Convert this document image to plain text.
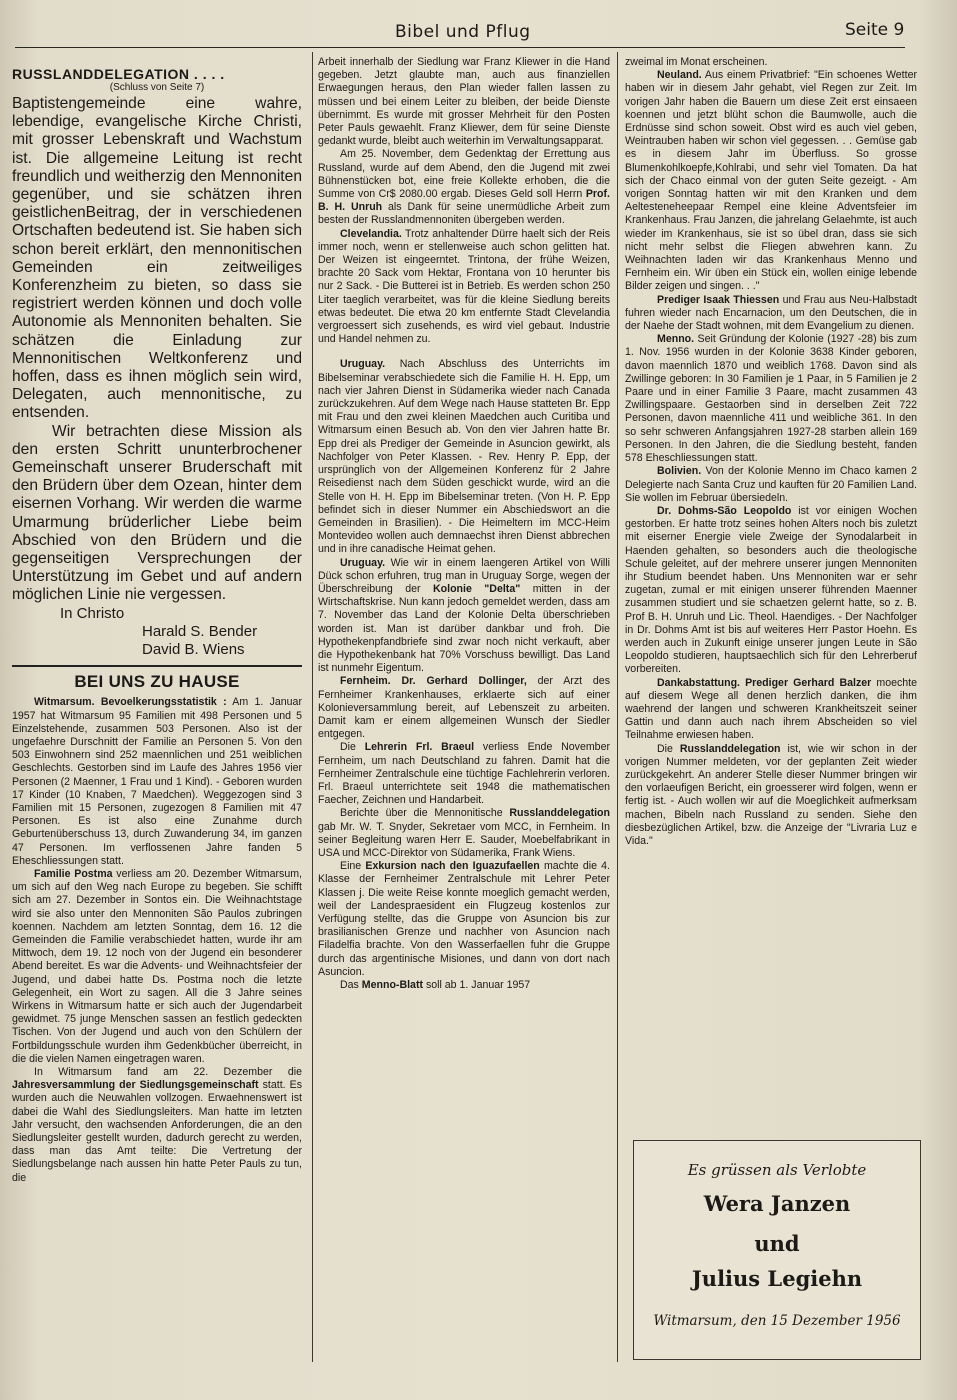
Bibel und Pflug	Seite 9
RUSSLANDDELEGATION . . . .
(Schluss von Seite 7)

Baptistengemeinde eine wahre, lebendige, evangelische Kirche Christi, mit grosser Lebenskraft und Wachstum ist. Die allgemeine Leitung ist recht freundlich und weitherzig den Mennoniten gegenüber, und sie schätzen ihren geistlichenBeitrag, der in verschiedenen Ortschaften bedeutend ist. Sie haben sich schon bereit erklärt, den mennonitischen Gemeinden ein zeitweiliges Konferenzheim zu bieten, so dass sie registriert werden können und doch volle Autonomie als Mennoniten behalten. Sie schätzen die Einladung zur Mennonitischen Weltkonferenz und hoffen, dass es ihnen möglich sein wird, Delegaten, auch mennonitische, zu entsenden.

Wir betrachten diese Mission als den ersten Schritt ununterbrochener Gemeinschaft unserer Bruderschaft mit den Brüdern über dem Ozean, hinter dem eisernen Vorhang. Wir werden die warme Umarmung brüderlicher Liebe beim Abschied von den Brüdern und die gegenseitigen Versprechungen der Unterstützung im Gebet und auf andern möglichen Linie nie vergessen.

In Christo

Harald S. Bender

David B. Wiens

BEI UNS ZU HAUSE

Witmarsum. Bevoelkerungsstatistik : Am 1. Januar 1957 hat Witmarsum 95 Familien mit 498 Personen und 5 Einzelstehende, zusammen 503 Personen. Also ist der ungefaehre Durschnitt der Familie an Personen 5. Von den 503 Einwohnern sind 252 maennlichen und 251 weiblichen Geschlechts. Gestorben sind im Laufe des Jahres 1956 vier Personen (2 Maenner, 1 Frau und 1 Kind). - Geboren wurden 17 Kinder (10 Knaben, 7 Maedchen). Weggezogen sind 3 Familien mit 15 Personen, zugezogen 8 Familien mit 47 Personen. Es ist also eine Zunahme durch Geburtenüberschuss 13, durch Zuwanderung 34, im ganzen 47 Personen. Im verflossenen Jahre fanden 5 Eheschliessungen statt.

Familie Postma verliess am 20. Dezember Witmarsum, um sich auf den Weg nach Europe zu begeben. Sie schifft sich am 27. Dezember in Sontos ein. Die Weihnachtstage wird sie also unter den Mennoniten São Paulos zubringen koennen. Nachdem am letzten Sonntag, dem 16. 12 die Gemeinden die Familie verabschiedet hatten, wurde ihr am Mittwoch, dem 19. 12 noch von der Jugend ein besonderer Abend bereitet. Es war die Advents- und Weihnachtsfeier der Jugend, und dabei hatte Ds. Postma noch die letzte Gelegenheit, ein Wort zu sagen. All die 3 Jahre seines Wirkens in Witmarsum hatte er sich auch der Jugendarbeit gewidmet. 75 junge Menschen sassen an festlich gedeckten Tischen. Von der Jugend und auch von den Schülern der Fortbildungsschule wurden ihm Gedenkbücher überreicht, in die die vielen Namen eingetragen waren.

In Witmarsum fand am 22. Dezember die Jahresversammlung der Siedlungsgemeinschaft statt. Es wurden auch die Neuwahlen vollzogen. Erwaehnenswert ist dabei die Wahl des Siedlungsleiters. Man hatte im letzten Jahr versucht, den wachsenden Anforderungen, die an den Siedlungsleiter gestellt wurden, dadurch gerecht zu werden, dass man das Amt teilte: Die Vertretung der Siedlungsbelange nach aussen hin hatte Peter Pauls zu tun, die

Arbeit innerhalb der Siedlung war Franz Kliewer in die Hand gegeben. Jetzt glaubte man, auch aus finanziellen Erwaegungen heraus, den Plan wieder fallen lassen zu müssen und bei einem Leiter zu bleiben, der beide Dienste übernimmt. Es wurde mit grosser Mehrheit für den Posten Peter Pauls gewaehlt. Franz Kliewer, dem für seine Dienste gedankt wurde, bleibt auch weiterhin im Verwaltungsapparat.

Am 25. November, dem Gedenktag der Errettung aus Russland, wurde auf dem Abend, den die Jugend mit zwei Bühnenstücken bot, eine freie Kollekte erhoben, die die Summe von Cr$ 2080.00 ergab. Dieses Geld soll Herrn Prof. B. H. Unruh als Dank für seine unermüdliche Arbeit zum besten der Russlandmennoniten übergeben werden.

Clevelandia. Trotz anhaltender Dürre haelt sich der Reis immer noch, wenn er stellenweise auch schon gelitten hat. Der Weizen ist eingeerntet. Trintona, der frühe Weizen, brachte 20 Sack vom Hektar, Frontana von 10 herunter bis nur 2 Sack. - Die Butterei ist in Betrieb. Es werden schon 250 Liter taeglich verarbeitet, was für die kleine Siedlung bereits etwas bedeutet. Die etwa 20 km entfernte Stadt Clevelandia vergroessert sich zusehends, es wird viel gebaut. Industrie und Handel nehmen zu.

Uruguay. Nach Abschluss des Unterrichts im Bibelseminar verabschiedete sich die Familie H. H. Epp, um nach vier Jahren Dienst in Südamerika wieder nach Canada zurückzukehren. Auf dem Wege nach Hause statteten Br. Epp mit Frau und den zwei kleinen Maedchen auch Curitiba und Witmarsum einen Besuch ab. Von den vier Jahren hatte Br. Epp drei als Prediger der Gemeinde in Asuncion gewirkt, als Nachfolger von Peter Klassen. - Rev. Henry P. Epp, der ursprünglich von der Allgemeinen Konferenz für 2 Jahre Reisedienst nach dem Süden geschickt wurde, wird an die Stelle von H. H. Epp im Bibelseminar treten. (Von H. P. Epp befindet sich in dieser Nummer ein Abschiedswort an die Gemeinden in Brasilien). - Die Heimeltern im MCC-Heim Montevideo wollen auch demnaechst ihren Dienst abbrechen und in ihre canadische Heimat gehen.

Uruguay. Wie wir in einem laengeren Artikel von Willi Dück schon erfuhren, trug man in Uruguay Sorge, wegen der Überschreibung der Kolonie "Delta" mitten in der Wirtschaftskrise. Nun kann jedoch gemeldet werden, dass am 7. November das Land der Kolonie Delta überschrieben worden ist. Man ist darüber dankbar und froh. Die Hypothekenpfandbriefe sind zwar noch nicht verkauft, aber die Hypothekenbank hat 70% Vorschuss bewilligt. Das Land ist nunmehr Eigentum.

Fernheim. Dr. Gerhard Dollinger, der Arzt des Fernheimer Krankenhauses, erklaerte sich auf einer Kolonieversammlung bereit, auf Lebenszeit zu arbeiten. Damit kam er einem allgemeinen Wunsch der Siedler entgegen.

Die Lehrerin Frl. Braeul verliess Ende November Fernheim, um nach Deutschland zu fahren. Damit hat die Fernheimer Zentralschule eine tüchtige Fachlehrerin verloren. Frl. Braeul unterrichtete seit 1948 die mathematischen Faecher, Zeichnen und Handarbeit.

Berichte über die Mennonitische Russlanddelegation gab Mr. W. T. Snyder, Sekretaer vom MCC, in Fernheim. In seiner Begleitung waren Herr E. Sauder, Moebelfabrikant in USA und MCC-Direktor von Südamerika, Frank Wiens.

Eine Exkursion nach den Iguazufaellen machte die 4. Klasse der Fernheimer Zentralschule mit Lehrer Peter Klassen j. Die weite Reise konnte moeglich gemacht werden, weil der Landespraesident ein Flugzeug kostenlos zur Verfügung stellte, das die Gruppe von Asuncion bis zur brasilianischen Grenze und nachher von Asuncion nach Filadelfia brachte. Von den Wasserfaellen fuhr die Gruppe durch das argentinische Misiones, und dann von dort nach Asuncion.

Das Menno-Blatt soll ab 1. Januar 1957

zweimal im Monat erscheinen.

Neuland. Aus einem Privatbrief: "Ein schoenes Wetter haben wir in diesem Jahr gehabt, viel Regen zur Zeit. Im vorigen Jahr haben die Bauern um diese Zeit erst einsaeen koennen und jetzt blüht schon die Baumwolle, auch die Erdnüsse sind schon soweit. Obst wird es auch viel geben, Weintrauben haben wir schon viel gegessen. . . Gemüse gab es in diesem Jahr im Überfluss. So grosse Blumenkohlkoepfe,Kohlrabi, und sehr viel Tomaten. Da hat sich der Chaco einmal von der guten Seite gezeigt. - Am vorigen Sonntag hatten wir mit den Kranken und dem Aeltesteneheepaar Rempel eine kleine Adventsfeier im Krankenhaus. Frau Janzen, die jahrelang Gelaehmte, ist auch wieder im Krankenhaus, sie ist so übel dran, dass sie sich nicht mehr selbst die Fliegen abwehren kann. Zu Weihnachten laden wir das Krankenhaus Menno und Fernheim ein. Wir üben ein Stück ein, wollen einige lebende Bilder zeigen und singen. . ."

Prediger Isaak Thiessen und Frau aus Neu-Halbstadt fuhren wieder nach Encarnacion, um den Deutschen, die in der Naehe der Stadt wohnen, mit dem Evangelium zu dienen.

Menno. Seit Gründung der Kolonie (1927 -28) bis zum 1. Nov. 1956 wurden in der Kolonie 3638 Kinder geboren, davon maennlich 1870 und weiblich 1768. Davon sind als Zwillinge geboren: In 30 Familien je 1 Paar, in 5 Familien je 2 Paare und in einer Familie 3 Paare, macht zusammen 43 Zwillingspaare. Gestaorben sind in derselben Zeit 722 Personen, davon maennliche 411 und weibliche 361. In den so sehr schweren Anfangsjahren 1927-28 starben allein 169 Personen. In den Jahren, die die Siedlung besteht, fanden 578 Eheschliessungen statt.

Bolivien. Von der Kolonie Menno im Chaco kamen 2 Delegierte nach Santa Cruz und kauften für 20 Familien Land. Sie wollen im Februar übersiedeln.

Dr. Dohms-São Leopoldo ist vor einigen Wochen gestorben. Er hatte trotz seines hohen Alters noch bis zuletzt mit eiserner Energie viele Zweige der Synodalarbeit in Haenden gehalten, so besonders auch die theologische Schule geleitet, auf der mehrere unserer jungen Mennoniten ihr Studium beendet haben. Uns Mennoniten war er sehr zugetan, zumal er mit einigen unserer führenden Maenner zusammen studiert und sie schaetzen gelernt hatte, so z. B. Prof B. H. Unruh und Lic. Theol. Haendiges. - Der Nachfolger in Dr. Dohms Amt ist bis auf weiteres Herr Pastor Hoehn. Es werden auch in Zukunft einige unserer jungen Leute in São Leopoldo studieren, hauptsaechlich sich für den Lehrerberuf vorbereiten.

Dankabstattung. Prediger Gerhard Balzer moechte auf diesem Wege all denen herzlich danken, die ihm waehrend der langen und schweren Krankheitszeit seiner Gattin und dann auch nach ihrem Abscheiden so viel Teilnahme erwiesen haben.

Die Russlanddelegation ist, wie wir schon in der vorigen Nummer meldeten, vor der geplanten Zeit wieder zurückgekehrt. An anderer Stelle dieser Nummer bringen wir den vorlaeufigen Bericht, ein groesserer wird folgen, wenn er fertig ist. - Auch wollen wir auf die Moeglichkeit aufmerksam machen, Bibeln nach Russland zu senden. Siehe den diesbezüglichen Artikel, bzw. die Anzeige der "Livraria Luz e Vida."

Es grüssen als Verlobte
Wera Janzen
und
Julius Legiehn
Witmarsum, den 15 Dezember 1956
